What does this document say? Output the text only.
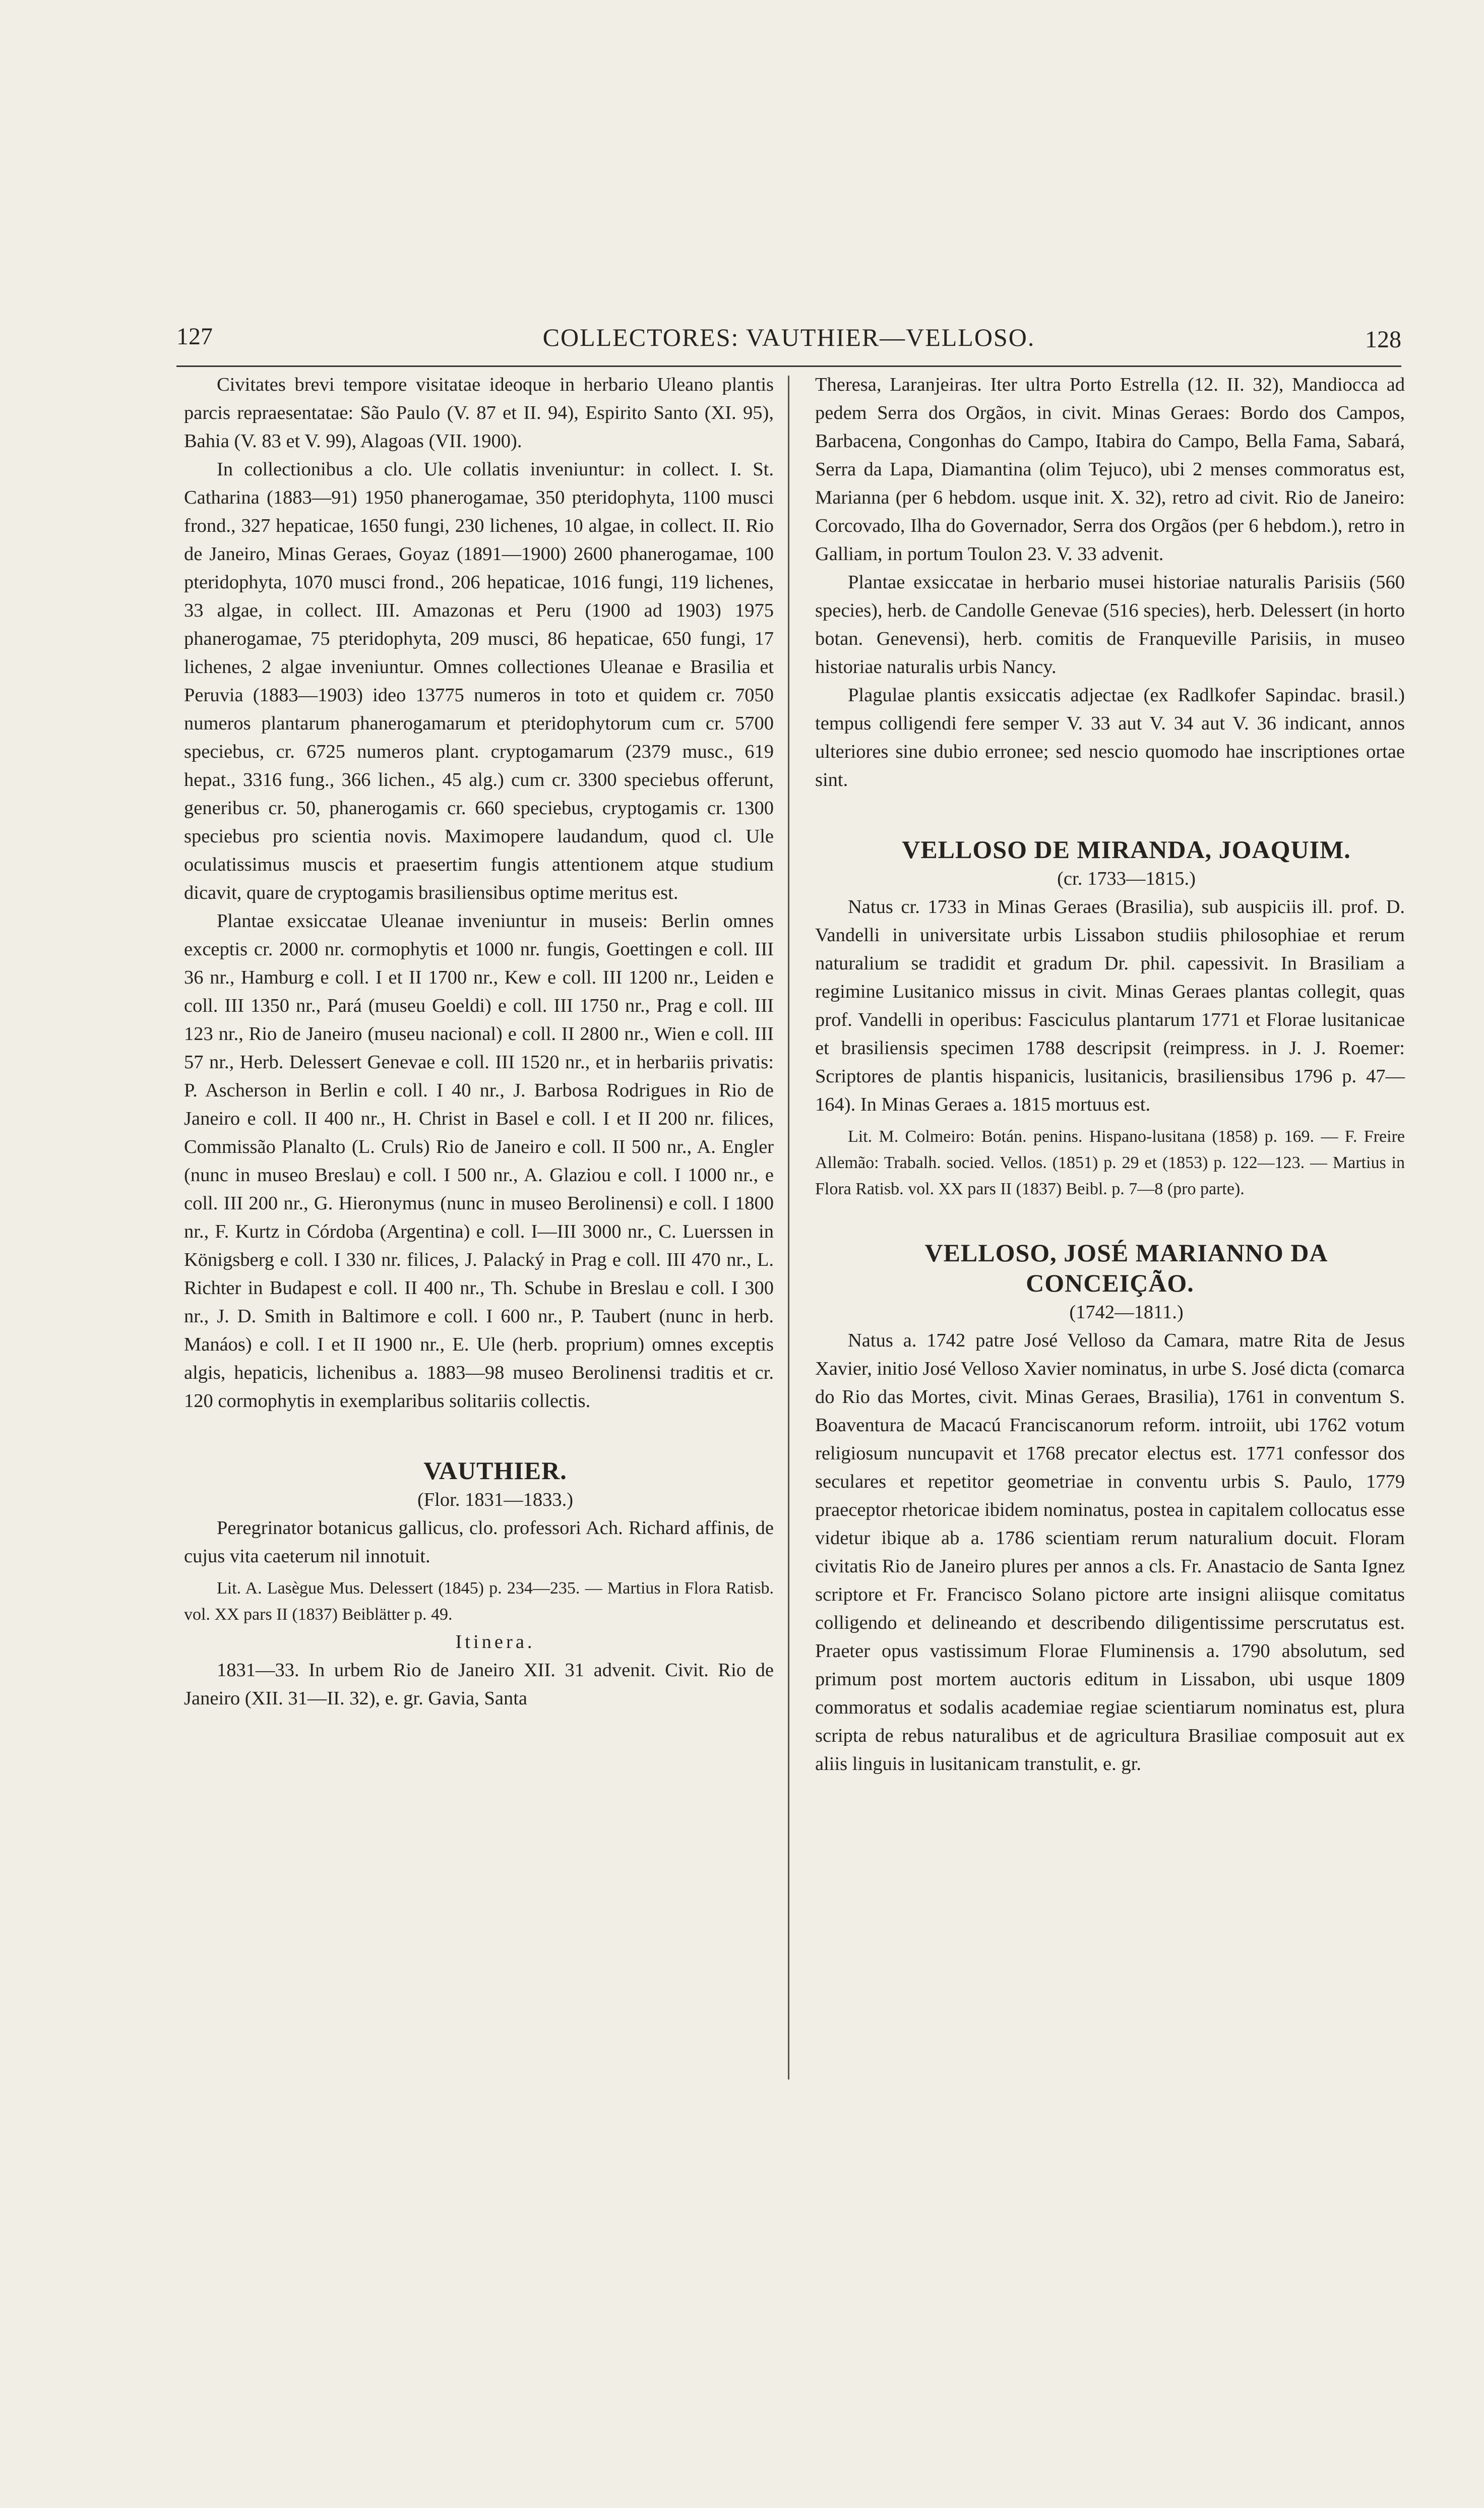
127	COLLECTORES: VAUTHIER—VELLOSO.	128

Civitates brevi tempore visitatae ideoque in herbario Uleano plantis parcis repraesentatae: São Paulo (V. 87 et II. 94), Espirito Santo (XI. 95), Bahia (V. 83 et V. 99), Alagoas (VII. 1900).

In collectionibus a clo. Ule collatis inveniuntur: in collect. I. St. Catharina (1883—91) 1950 phanerogamae, 350 pteridophyta, 1100 musci frond., 327 hepaticae, 1650 fungi, 230 lichenes, 10 algae, in collect. II. Rio de Janeiro, Minas Geraes, Goyaz (1891—1900) 2600 phanerogamae, 100 pteridophyta, 1070 musci frond., 206 hepaticae, 1016 fungi, 119 lichenes, 33 algae, in collect. III. Amazonas et Peru (1900 ad 1903) 1975 phanerogamae, 75 pteridophyta, 209 musci, 86 hepaticae, 650 fungi, 17 lichenes, 2 algae inveniuntur. Omnes collectiones Uleanae e Brasilia et Peruvia (1883—1903) ideo 13775 numeros in toto et quidem cr. 7050 numeros plantarum phanerogamarum et pteridophytorum cum cr. 5700 speciebus, cr. 6725 numeros plant. cryptogamarum (2379 musc., 619 hepat., 3316 fung., 366 lichen., 45 alg.) cum cr. 3300 speciebus offerunt, generibus cr. 50, phanerogamis cr. 660 speciebus, cryptogamis cr. 1300 speciebus pro scientia novis. Maximopere laudandum, quod cl. Ule oculatissimus muscis et praesertim fungis attentionem atque studium dicavit, quare de cryptogamis brasiliensibus optime meritus est.

Plantae exsiccatae Uleanae inveniuntur in museis: Berlin omnes exceptis cr. 2000 nr. cormophytis et 1000 nr. fungis, Goettingen e coll. III 36 nr., Hamburg e coll. I et II 1700 nr., Kew e coll. III 1200 nr., Leiden e coll. III 1350 nr., Pará (museu Goeldi) e coll. III 1750 nr., Prag e coll. III 123 nr., Rio de Janeiro (museu nacional) e coll. II 2800 nr., Wien e coll. III 57 nr., Herb. Delessert Genevae e coll. III 1520 nr., et in herbariis privatis: P. Ascherson in Berlin e coll. I 40 nr., J. Barbosa Rodrigues in Rio de Janeiro e coll. II 400 nr., H. Christ in Basel e coll. I et II 200 nr. filices, Commissão Planalto (L. Cruls) Rio de Janeiro e coll. II 500 nr., A. Engler (nunc in museo Breslau) e coll. I 500 nr., A. Glaziou e coll. I 1000 nr., e coll. III 200 nr., G. Hieronymus (nunc in museo Berolinensi) e coll. I 1800 nr., F. Kurtz in Córdoba (Argentina) e coll. I—III 3000 nr., C. Luerssen in Königsberg e coll. I 330 nr. filices, J. Palacký in Prag e coll. III 470 nr., L. Richter in Budapest e coll. II 400 nr., Th. Schube in Breslau e coll. I 300 nr., J. D. Smith in Baltimore e coll. I 600 nr., P. Taubert (nunc in herb. Manáos) e coll. I et II 1900 nr., E. Ule (herb. proprium) omnes exceptis algis, hepaticis, lichenibus a. 1883—98 museo Berolinensi traditis et cr. 120 cormophytis in exemplaribus solitariis collectis.

VAUTHIER.

(Flor. 1831—1833.)

Peregrinator botanicus gallicus, clo. professori Ach. Richard affinis, de cujus vita caeterum nil innotuit.

Lit. A. Lasègue Mus. Delessert (1845) p. 234—235. — Martius in Flora Ratisb. vol. XX pars II (1837) Beiblätter p. 49.

Itinera.

1831—33. In urbem Rio de Janeiro XII. 31 advenit. Civit. Rio de Janeiro (XII. 31—II. 32), e. gr. Gavia, Santa

Theresa, Laranjeiras. Iter ultra Porto Estrella (12. II. 32), Mandiocca ad pedem Serra dos Orgãos, in civit. Minas Geraes: Bordo dos Campos, Barbacena, Congonhas do Campo, Itabira do Campo, Bella Fama, Sabará, Serra da Lapa, Diamantina (olim Tejuco), ubi 2 menses commoratus est, Marianna (per 6 hebdom. usque init. X. 32), retro ad civit. Rio de Janeiro: Corcovado, Ilha do Governador, Serra dos Orgãos (per 6 hebdom.), retro in Galliam, in portum Toulon 23. V. 33 advenit.

Plantae exsiccatae in herbario musei historiae naturalis Parisiis (560 species), herb. de Candolle Genevae (516 species), herb. Delessert (in horto botan. Genevensi), herb. comitis de Franqueville Parisiis, in museo historiae naturalis urbis Nancy.

Plagulae plantis exsiccatis adjectae (ex Radlkofer Sapindac. brasil.) tempus colligendi fere semper V. 33 aut V. 34 aut V. 36 indicant, annos ulteriores sine dubio erronee; sed nescio quomodo hae inscriptiones ortae sint.

VELLOSO DE MIRANDA, JOAQUIM.

(cr. 1733—1815.)

Natus cr. 1733 in Minas Geraes (Brasilia), sub auspiciis ill. prof. D. Vandelli in universitate urbis Lissabon studiis philosophiae et rerum naturalium se tradidit et gradum Dr. phil. capessivit. In Brasiliam a regimine Lusitanico missus in civit. Minas Geraes plantas collegit, quas prof. Vandelli in operibus: Fasciculus plantarum 1771 et Florae lusitanicae et brasiliensis specimen 1788 descripsit (reimpress. in J. J. Roemer: Scriptores de plantis hispanicis, lusitanicis, brasiliensibus 1796 p. 47—164). In Minas Geraes a. 1815 mortuus est.

Lit. M. Colmeiro: Botán. penins. Hispano-lusitana (1858) p. 169. — F. Freire Allemão: Trabalh. socied. Vellos. (1851) p. 29 et (1853) p. 122—123. — Martius in Flora Ratisb. vol. XX pars II (1837) Beibl. p. 7—8 (pro parte).

VELLOSO, JOSÉ MARIANNO DA CONCEIÇÃO.

(1742—1811.)

Natus a. 1742 patre José Velloso da Camara, matre Rita de Jesus Xavier, initio José Velloso Xavier nominatus, in urbe S. José dicta (comarca do Rio das Mortes, civit. Minas Geraes, Brasilia), 1761 in conventum S. Boaventura de Macacú Franciscanorum reform. introiit, ubi 1762 votum religiosum nuncupavit et 1768 precator electus est. 1771 confessor dos seculares et repetitor geometriae in conventu urbis S. Paulo, 1779 praeceptor rhetoricae ibidem nominatus, postea in capitalem collocatus esse videtur ibique ab a. 1786 scientiam rerum naturalium docuit. Floram civitatis Rio de Janeiro plures per annos a cls. Fr. Anastacio de Santa Ignez scriptore et Fr. Francisco Solano pictore arte insigni aliisque comitatus colligendo et delineando et describendo diligentissime perscrutatus est. Praeter opus vastissimum Florae Fluminensis a. 1790 absolutum, sed primum post mortem auctoris editum in Lissabon, ubi usque 1809 commoratus et sodalis academiae regiae scientiarum nominatus est, plura scripta de rebus naturalibus et de agricultura Brasiliae composuit aut ex aliis linguis in lusitanicam transtulit, e. gr.
